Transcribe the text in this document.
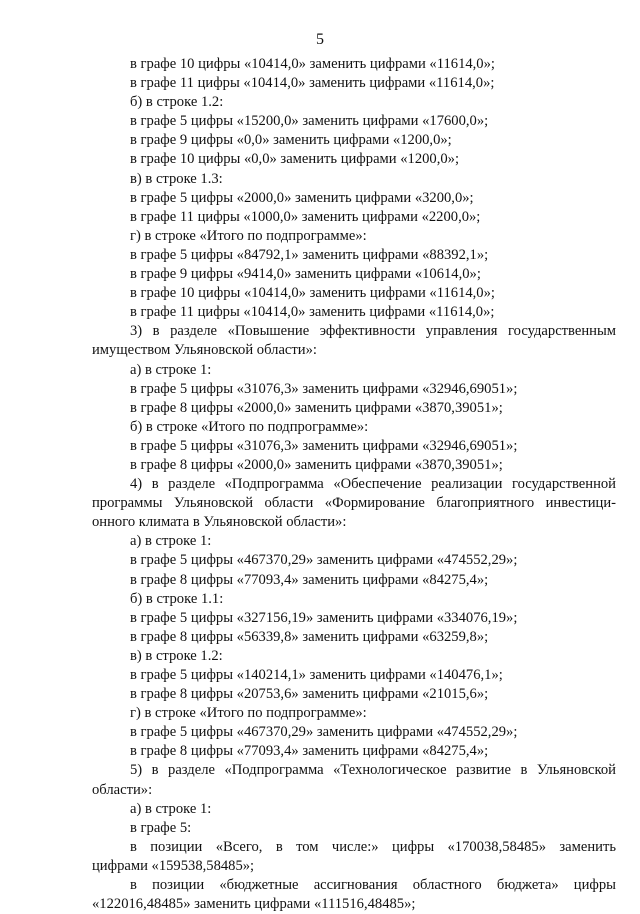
5
в графе 10 цифры «10414,0» заменить цифрами «11614,0»;
в графе 11 цифры «10414,0» заменить цифрами «11614,0»;
б) в строке 1.2:
в графе 5 цифры «15200,0» заменить цифрами «17600,0»;
в графе 9 цифры «0,0» заменить цифрами «1200,0»;
в графе 10 цифры «0,0» заменить цифрами «1200,0»;
в) в строке 1.3:
в графе 5 цифры «2000,0» заменить цифрами «3200,0»;
в графе 11 цифры «1000,0» заменить цифрами «2200,0»;
г) в строке «Итого по подпрограмме»:
в графе 5 цифры «84792,1» заменить цифрами «88392,1»;
в графе 9 цифры «9414,0» заменить цифрами «10614,0»;
в графе 10 цифры «10414,0» заменить цифрами «11614,0»;
в графе 11 цифры «10414,0» заменить цифрами «11614,0»;
3) в разделе «Повышение эффективности управления государственным
имуществом Ульяновской области»:
а) в строке 1:
в графе 5 цифры «31076,3» заменить цифрами «32946,69051»;
в графе 8 цифры «2000,0» заменить цифрами «3870,39051»;
б) в строке «Итого по подпрограмме»:
в графе 5 цифры «31076,3» заменить цифрами «32946,69051»;
в графе 8 цифры «2000,0» заменить цифрами «3870,39051»;
4) в разделе «Подпрограмма «Обеспечение реализации государственной
программы Ульяновской области «Формирование благоприятного инвестици-
онного климата в Ульяновской области»:
а) в строке 1:
в графе 5 цифры «467370,29» заменить цифрами «474552,29»;
в графе 8 цифры «77093,4» заменить цифрами «84275,4»;
б) в строке 1.1:
в графе 5 цифры «327156,19» заменить цифрами «334076,19»;
в графе 8 цифры «56339,8» заменить цифрами «63259,8»;
в) в строке 1.2:
в графе 5 цифры «140214,1» заменить цифрами «140476,1»;
в графе 8 цифры «20753,6» заменить цифрами «21015,6»;
г) в строке «Итого по подпрограмме»:
в графе 5 цифры «467370,29» заменить цифрами «474552,29»;
в графе 8 цифры «77093,4» заменить цифрами «84275,4»;
5) в разделе «Подпрограмма «Технологическое развитие в Ульяновской
области»:
а) в строке 1:
в графе 5:
в позиции «Всего, в том числе:» цифры «170038,58485» заменить
цифрами «159538,58485»;
в позиции «бюджетные ассигнования областного бюджета» цифры
«122016,48485» заменить цифрами «111516,48485»;
